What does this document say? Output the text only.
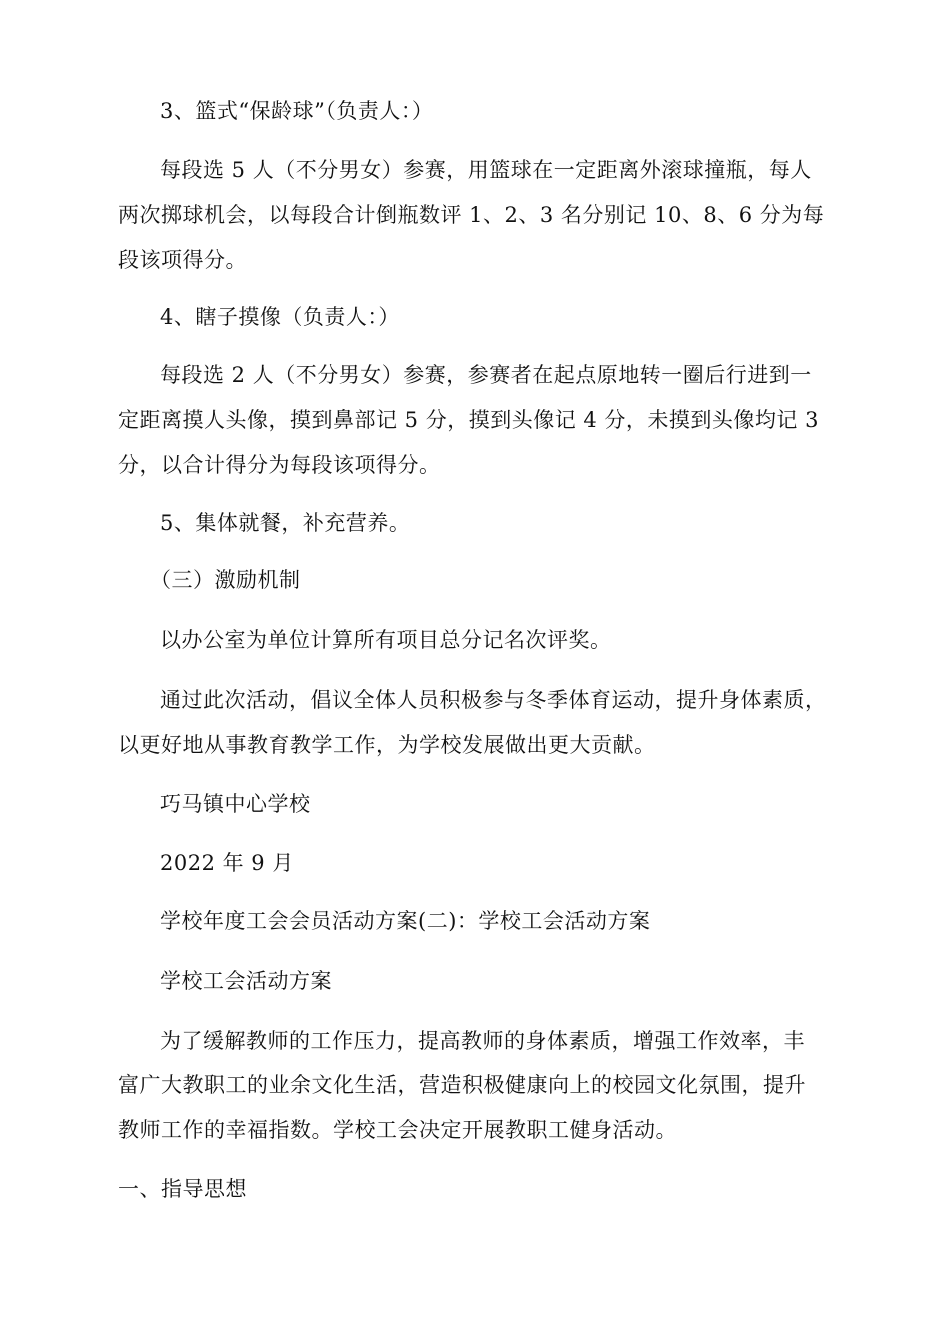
3、篮式“保龄球”（负责人：）
每段选 5 人（不分男女）参赛，用篮球在一定距离外滚球撞瓶，每人
两次掷球机会，以每段合计倒瓶数评 1、2、3 名分别记 10、8、6 分为每
段该项得分。
4、瞎子摸像（负责人：）
每段选 2 人（不分男女）参赛，参赛者在起点原地转一圈后行进到一
定距离摸人头像，摸到鼻部记 5 分，摸到头像记 4 分，未摸到头像均记 3
分，以合计得分为每段该项得分。
5、集体就餐，补充营养。
（三）激励机制
以办公室为单位计算所有项目总分记名次评奖。
通过此次活动，倡议全体人员积极参与冬季体育运动，提升身体素质，
以更好地从事教育教学工作，为学校发展做出更大贡献。
巧马镇中心学校
2022 年 9 月
学校年度工会会员活动方案(二)：学校工会活动方案
学校工会活动方案
为了缓解教师的工作压力，提高教师的身体素质，增强工作效率，丰
富广大教职工的业余文化生活，营造积极健康向上的校园文化氛围，提升
教师工作的幸福指数。学校工会决定开展教职工健身活动。
一、指导思想
